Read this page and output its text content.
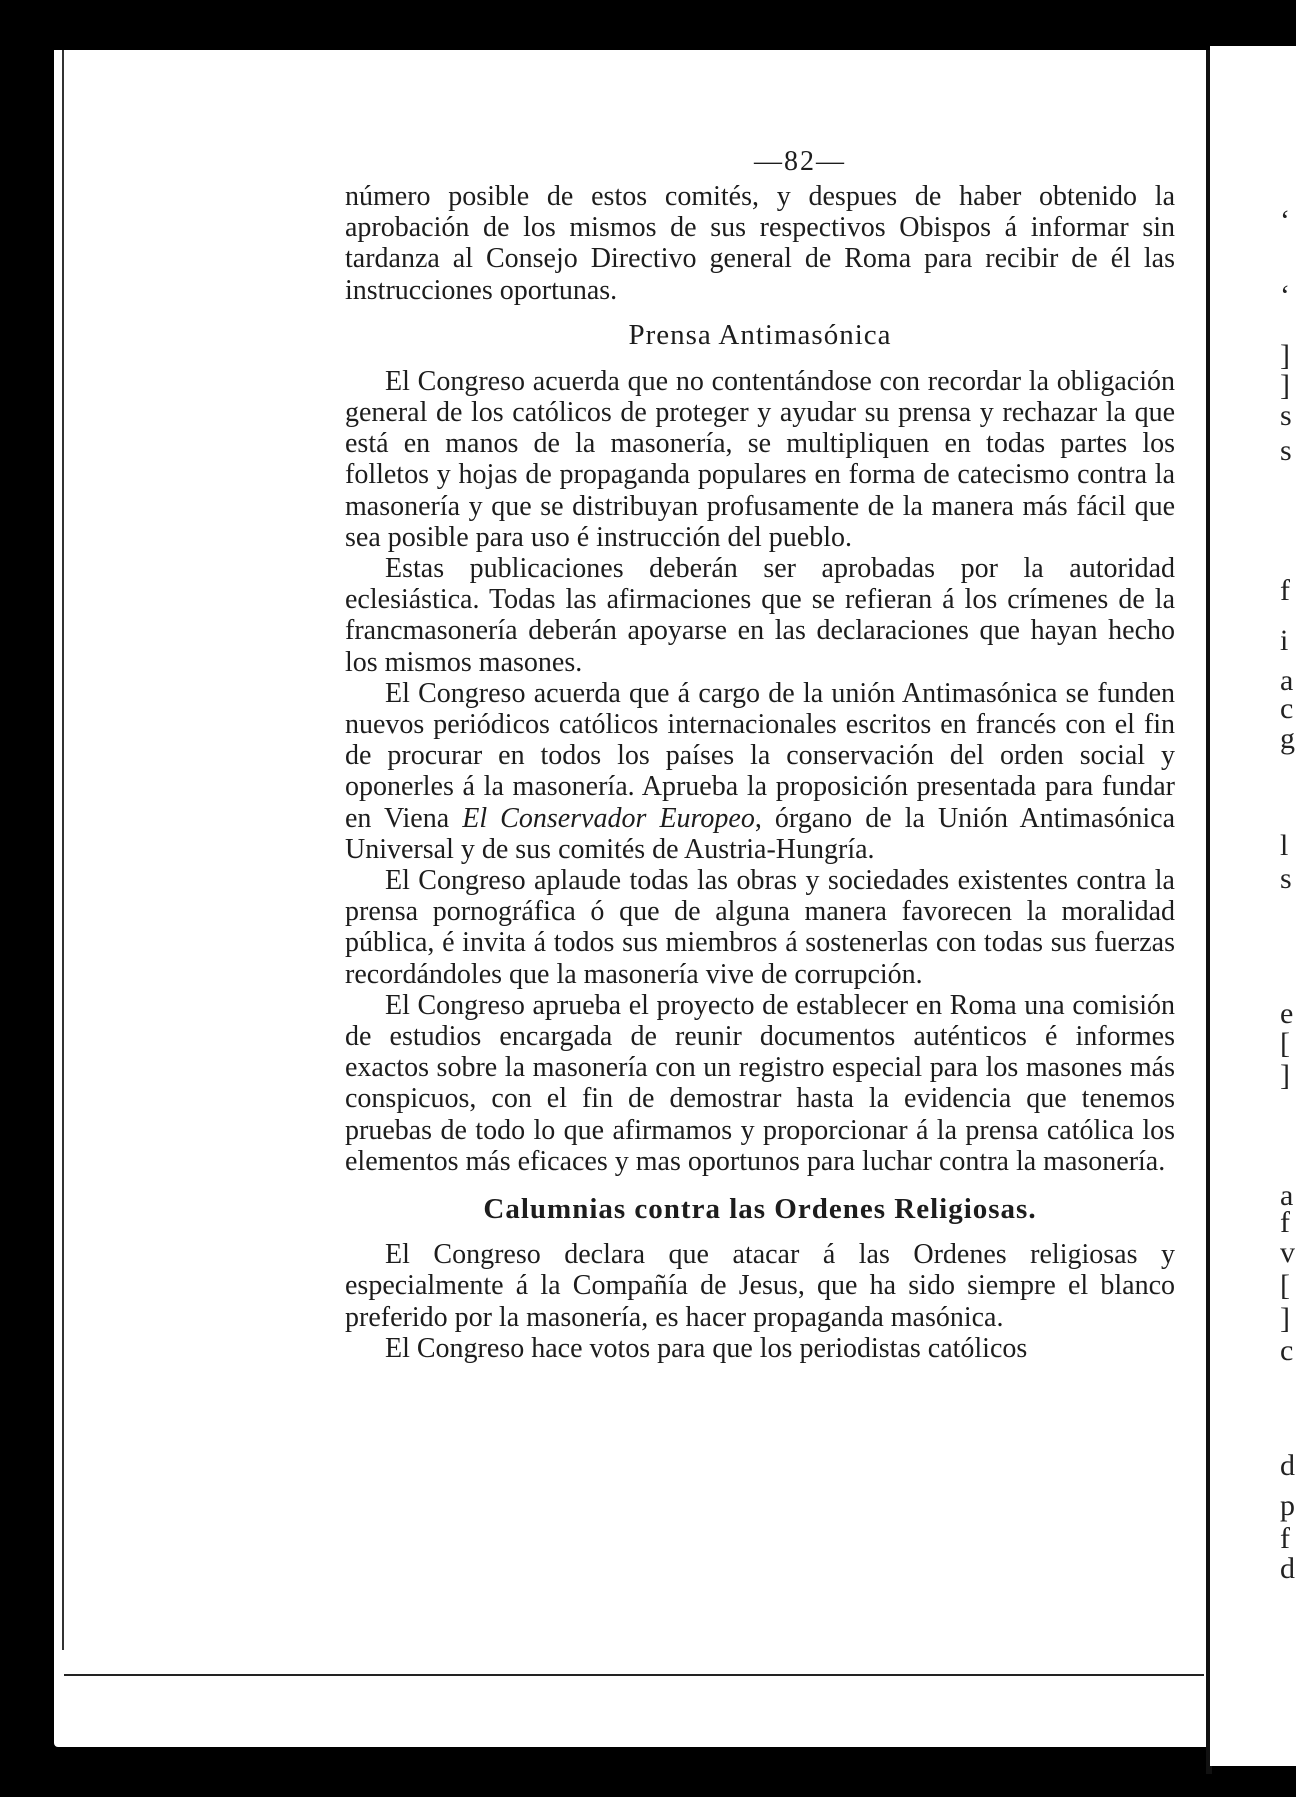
‘
‘
]
]
s
s
f
i
a
c
g
l
s
e
[
]
a
f
v
[
]
c
d
p
f
d
—82—

número posible de estos comités, y despues de haber obtenido la aprobación de los mismos de sus respectivos Obispos á informar sin tardanza al Consejo Directivo general de Roma para recibir de él las instrucciones oportunas.

Prensa Antimasónica

El Congreso acuerda que no contentándose con recordar la obligación general de los católicos de proteger y ayudar su prensa y rechazar la que está en manos de la masonería, se multipliquen en todas partes los folletos y hojas de propaganda populares en forma de catecismo contra la masonería y que se distribuyan profusamente de la manera más fácil que sea posible para uso é instrucción del pueblo.

Estas publicaciones deberán ser aprobadas por la autoridad eclesiástica. Todas las afirmaciones que se refieran á los crímenes de la francmasonería deberán apoyarse en las declaraciones que hayan hecho los mismos masones.

El Congreso acuerda que á cargo de la unión Antimasónica se funden nuevos periódicos católicos internacionales escritos en francés con el fin de procurar en todos los países la conservación del orden social y oponerles á la masonería. Aprueba la proposición presentada para fundar en Viena El Conservador Europeo, órgano de la Unión Antimasónica Universal y de sus comités de Austria-Hungría.

El Congreso aplaude todas las obras y sociedades existentes contra la prensa pornográfica ó que de alguna manera favorecen la moralidad pública, é invita á todos sus miembros á sostenerlas con todas sus fuerzas recordándoles que la masonería vive de corrupción.

El Congreso aprueba el proyecto de establecer en Roma una comisión de estudios encargada de reunir documentos auténticos é informes exactos sobre la masonería con un registro especial para los masones más conspicuos, con el fin de demostrar hasta la evidencia que tenemos pruebas de todo lo que afirmamos y proporcionar á la prensa católica los elementos más eficaces y mas oportunos para luchar contra la masonería.

Calumnias contra las Ordenes Religiosas.

El Congreso declara que atacar á las Ordenes religiosas y especialmente á la Compañía de Jesus, que ha sido siempre el blanco preferido por la masonería, es hacer propaganda masónica.

El Congreso hace votos para que los periodistas católicos
